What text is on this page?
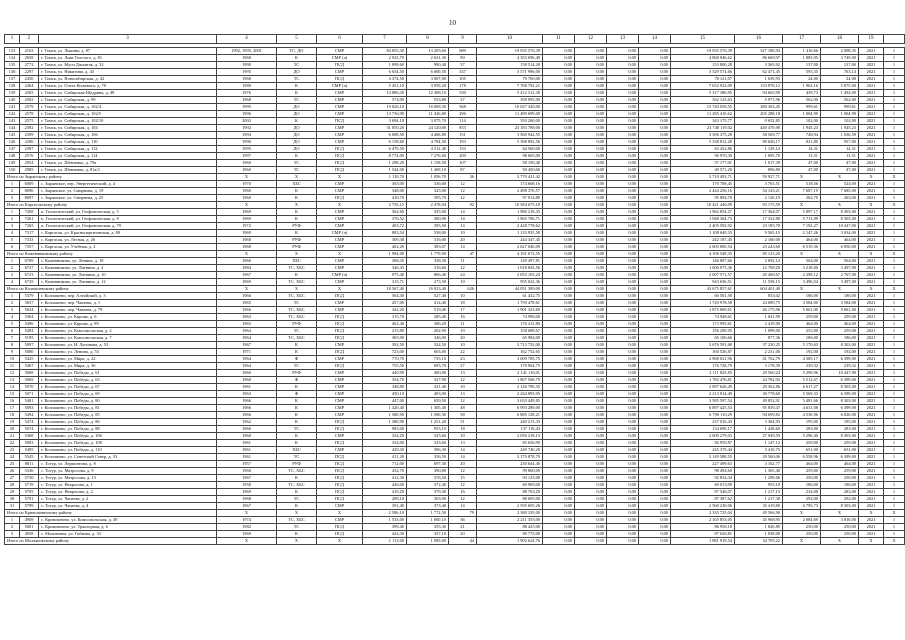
10
1	2	3	4	5	6	7	8	9	10	11	12	13	14	15	16	17	18	19	

133	2163	г. Томск, ул. Лыкина, д. 87	1992, 1995, 2001	ТС, ДО	СМР	84 855,30	13 205,60	689	19 935 576,39	0,00	0,00	0,00	0,00	19 935 576,39	327 180,94	1 416,66	2 008,35	2021	1
134	2658	г. Томск, ул. Льва Толстого, д. 81	1968	К	СМР (ч)	2 923,70	2 631,30	90	4 353 696,49	0,00	0,00	0,00	0,00	4 868 946,62	86 669,97	1 883,95	3 749,00	2021	1
135	2772	г. Томск, ул. Муси Джалиля, д. 32	1990	ТС	ПСД	1 099,60	990,40	57	158 514,20	0,00	0,00	0,00	0,00	153 800,28	3 365,92	137,00	137,00	2021	1
136	2297	г. Томск, ул. Никитина, д. 43	1995	ДО	СМР	6 654,50	6 000,50	337	3 571 996,00	0,00	0,00	0,00	0,00	3 529 574,66	62 471,45	593,35	763,14	2021	1
137	2450	г. Томск, ул. Новосибирская, д. 42	1968	ТС	ПСД	4 374,50	3 907,00	105	79 760,00	0,00	0,00	0,00	0,00	78 121,07	1 639,93	24,00	24,00	2021	1
138	2464	г. Томск, ул. Олега Кошевого, д. 70	1980	К	СМР (ч)	5 451,10	3 959,20	178	7 768 792,21	0,00	0,00	0,00	0,00	7 652 922,09	133 870,12	1 962,16	5 875,00	2021	1
139	2305	г. Томск, ул. Сибирская-Щедрина, д. 48	1976	К	СМР	14 886,30	12 308,10	530	5 412 312,38	0,00	0,00	0,00	0,00	5 317 386,95	94 665,90	439,73	1 492,00	2021	1
140	2582	г. Томск, ул. Сибирская, д. 99	1968	ТС	СМР	574,00	553,80	37	358 095,00	0,00	0,00	0,00	0,00	352 123,63	5 971,96	562,00	562,00	2021	1
141	2579	г. Томск, ул. Сибирская, д. 102/4	1995	ДО	СМР	19 026,10	16 008,30	568	16 027 326,00	0,00	0,00	0,00	0,00	15 740 058,55	280 363,45	999,61	999,61	2021	1
142	2578	г. Томск, ул. Сибирская, д. 102/5	1996	ДО	СМР	13 756,90	11 436,80	296	11 489 699,00	0,00	0,00	0,00	0,00	11 285 410,62	205 288,18	1 004,99	1 004,99	2021	1
143	2575	г. Томск, ул. Сибирская, д. 102/10	2002	К	ПСД	3 694,10	3 075,70	114	350 260,00	0,00	0,00	0,00	0,00	343 175,77	9 652,85	102,00	102,00	2021	1
144	2392	г. Томск, ул. Сибирская, д. 104	1992	ДО	СМР	31 850,20	24 120,00	853	23 183 788,00	0,00	0,00	0,00	0,00	23 748 119,02	440 470,98	1 945,23	1 945,23	2021	1
145	2399	г. Томск, ул. Сибирская, д. 106	1994	ДО	СМР	6 008,50	4 466,80	151	3 560 942,55	0,00	0,00	0,00	0,00	3 506 375,28	58 569,77	748,94	1 036,59	2021	1
146	2286	г. Томск, ул. Сибирская, д. 110	1990	ДО	СМР	6 158,60	4 784,50	193	5 398 892,56	0,00	0,00	0,00	0,00	5 338 812,28	89 636,17	821,80	957,00	2021	1
147	2397	г. Томск, ул. Сибирская, д. 112	1995	ДО	ПСД	6 479,50	4 512,40	153	64 560,00	0,00	0,00	0,00	0,00	63 432,86	1 129,14	14,31	14,31	2021	1
148	2576	г. Томск, ул. Сибирская, д. 114	1997	К	ПСД	8 774,00	7 276,60	209	98 665,00	0,00	0,00	0,00	0,00	96 970,30	1 695,70	13,51	13,51	2021	1
149	2954	г. Томск, ул. Шевченко, д. 79а	1960	ТС	ПСД	1 298,20	1 158,50	107	58 190,40	0,00	0,00	0,00	0,00	57 177,01	1 017,39	47,00	47,00	2021	1
150	2985	г. Томск, ул. Шевченко, д. 81а/2	1960	ТС	ПСД	1 544,00	1 469,10	87	50 450,00	0,00	0,00	0,00	0,00	49 571,20	896,80	47,00	47,00	2021	1
Итого по Зырянскому району			X	X	X	1 110,70	1 056,70	36	2 770 421,42	0,00	0,00	0,00	0,00	2 710 493,71	59 927,71	X	X	X	X
1	6009	с. Зырянское, пер. Энергетический, д. 4	1970	ХБС	СМР	363,00	336,00	12	174 668,16	0,00	0,00	0,00	0,00	170 708,45	3 763,51	518,56	524,00	2021	1
2	8096	с. Зырянское, ул. Смирнова, д. 19	1960	К	СМР	348,00	325,00	12	2 498 376,57	0,00	0,00	0,00	0,00	2 444 256,16	54 143,21	7 687,19	7 685,00	2021	1
3	8097	с. Зырянское, ул. Смирнова, д. 25	1960	К	ПСД	410,70	395,70	12	97 014,89	0,00	0,00	0,00	0,00	95 894,70	2 120,19	262,70	263,00	2021	1
Итого по Каргасокскому району			X	X	X	2 755,15	2 478,04	92	10 584 675,18	0,00	0,00	0,00	0,00	10 421 446,09	93 175,59	X	X	X	X
1	7268	п. Геологический, ул. Геофизическая, д. 5	1969	К	СМР	362,60	335,00	14	1 980 218,35	0,00	0,00	0,00	0,00	1 962 854,27	17 364,07	5 897,17	8 303,00	2021	1
2	7261	п. Геологический, ул. Геофизическая, д. 8	1969	К	СМР	376,52	360,00	14	1 965 706,71	0,00	0,00	0,00	0,00	1 948 364,73	17 332,88	5 713,99	8 303,00	2021	1
3	7265	п. Геологический, ул. Геофизическая, д. 79	1972	РУФ	СМР	403,72	395,50	14	2 428 778,62	0,00	0,00	0,00	0,00	2 405 592,92	23 185,70	7 192,27	10 447,00	2021	1
4	7317	с. Каргасок, ул. Краснопартизанская, д. 80	1969	К	СМР (ч)	883,54	538,00	19	1 133 935,58	0,00	0,00	0,00	0,00	1 108 640,33	9 565,15	2 147,26	3 034,00	2021	1
5	7333	с. Каргасок, ул. Лесная, д. 26	1968	РУФ	СМР	309,38	316,00	20	244 347,45	0,00	0,00	0,00	0,00	242 187,45	2 160,00	464,00	464,00	2021	1
6	7357	с. Каргасок, ул. Учебная, д. 2	1968	РУФ	СМР	402,29	383,07	14	2 627 046,09	0,00	0,00	0,00	0,00	2 603 800,54	23 243,60	6 519,36	6 850,00	2021	1
Итого по Кожевниковскому району			X	X	X	1 984,00	1 779,00	47	4 191 672,55	0,00	0,00	0,00	0,00	4 106 549,35	85 123,20	X	X	X	X
1	6709	с. Кожевниково, ул. Ленина, д. 18	1966	ХБС	СМР	368,35	338,30	11	149 497,81	0,00	0,00	0,00	0,00	146 807,66	2 692,14	564,00	564,00	2021	1
2	6727	с. Кожевниково, ул. Литвина, д. 4	1984	ТС, ХБС	СМР	346,43	316,60	12	1 018 843,56	0,00	0,00	0,00	0,00	1 006 075,36	12 768,20	3 218,00	3 497,00	2021	1
3	6723	с. Кожевниково, ул. Литвина, д. 10	1967	К	СМР (ч)	975,40	866,40	24	2 053 103,24	0,00	0,00	0,00	0,00	2 007 571,57	45 469,67	2 298,12	2 767,00	2021	1
4	6735	с. Кожевниково, ул. Литвина, д. 12	1969	ТС, ХБС	СМР	315,71	273,50	10	955 632,36	0,00	0,00	0,00	0,00	943 636,51	11 558,15	3 496,54	3 497,00	2021	1
Итого по Колпашевскому району			X	X	X	18 567,40	16 823,40	626	44 051 389,00	0,00	0,00	0,00	0,00	43 675 857,61	604 401,40	X	X	X	X
1	5379	г. Колпашево, пер. Алтайский, д. 3	1966	ТС, ХБС	ПСД	564,30	527,40	10	61 432,75	0,00	0,00	0,00	0,00	60 561,58	833,02	186,00	186,00	2021	1
2	5837	г. Колпашево, пер. Чапаева, д. 1	1965	ТС	СМР	457,00	414,40	18	1 759 478,61	0,00	0,00	0,00	0,00	1 729 978,58	24 089,75	3 584,00	3 584,00	2021	1
3	5634	г. Колпашево, пер. Чапаева, д. 79	1966	ТС, ХБС	СМР	342,20	519,40	17	1 901 323,69	0,00	0,00	0,00	0,00	1 875 069,61	26 175,96	5 661,00	5 661,00	2021	1
4	5364	г. Колпашево, ул. Кирова, д. 6	1963	ТС, ХБС	ПСД	315,70	285,40	16	74 996,00	0,00	0,00	0,00	0,00	74 948,61	1 041,99	259,00	259,00	2021	1
5	5496	г. Колпашево, ул. Кирова, д. 89	1965	РУФ	ПСД	402,40	386,20	11	176 412,80	0,00	0,00	0,00	0,00	173 995,61	2 419,00	464,00	464,00	2021	1
6	5494	г. Колпашево, ул. Комсомольская, д. 2	1964	ТС	ПСД	215,80	202,90	19	158 689,67	0,00	0,00	0,00	0,00	156 290,95	1 899,00	255,00	259,00	2021	1
7	5195	г. Колпашево, ул. Комсомольская, д. 7	1964	ТС, ХБС	ПСД	365,90	346,00	20	65 984,00	0,00	0,00	0,00	0,00	65 106,66	877,36	186,00	186,00	2021	1
8	5097	г. Колпашево, ул. Н. Лугинова, д. 53	1967	К	СМР	392,50	324,50	10	2 713 752,00	0,00	0,00	0,00	0,00	2 676 591,68	37 230,25	5 170,63	8 303,00	2021	1
9	5080	г. Колпашево, ул. Ленина, д. 53	1971	К	ПСД	723,00	603,00	22	162 752,65	0,00	0,00	0,00	0,00	160 526,87	2 231,00	192,00	192,00	2021	1
10	5425	г. Колпашево, ул. Мира, д. 22	1964	Ф	СМР	770,70	735,10	23	3 009 785,75	0,00	0,00	0,00	0,00	2 968 021,96	41 762,79	4 385,17	6 399,00	2021	1
11	5467	г. Колпашево, ул. Мира, д. 36	1964	ТС	ПСД	755,50	695,70	27	179 964,75	0,00	0,00	0,00	0,00	176 728,79	3 178,39	239,32	239,32	2021	1
12	5068	г. Колпашево, ул. Победы, д. 61	1960	РУФ	СМР	440,90	400,00	13	2 141 116,01	0,00	0,00	0,00	0,00	2 111 825,83	29 560,24	5 299,96	10 447,00	2021	1
13	5069	г. Колпашево, ул. Победы, д. 63	1960	Ф	СМР	354,70	327,90	12	1 807 568,79	0,00	0,00	0,00	0,00	1 782 476,81	24 782,92	5 512,67	6 399,00	2021	1
14	5070	г. Колпашево, ул. Победы, д. 67	1961	К	СМР	348,80	321,40	10	2 126 789,35	0,00	0,00	0,00	0,00	2 097 626,49	29 362,86	6 617,27	8 303,00	2021	1
15	5071	г. Колпашево, ул. Победы, д. 69	1963	Ф	СМР	450,10	403,00	13	2 244 893,95	0,00	0,00	0,00	0,00	2 213 814,49	30 778,60	5 569,33	6 399,00	2021	1
16	5401	г. Колпашево, ул. Победы, д. 80	1966	К	СМР	447,00	659,50	12	3 633 449,85	0,00	0,00	0,00	0,00	3 585 597,54	49 852,91	5 481,66	8 303,00	2021	1
17	5093	г. Колпашево, ул. Победы, д. 81	1966	К	СМР	1 420,40	1 305,40	48	6 993 289,00	0,00	0,00	0,00	0,00	6 897 425,53	95 839,47	4 631,08	6 399,00	2021	1
18	5494	г. Колпашево, ул. Победы, д. 85	1966	К	СМР	1 580,90	1 500,30	58	6 885 128,21	0,00	0,00	0,00	0,00	6 790 110,29	94 699,82	4 536,96	6 826,00	2021	1
19	5474	г. Колпашево, ул. Победы, д. 86	1962	К	ПСД	1 380,90	1 251,20	51	240 213,33	0,00	0,00	0,00	0,00	237 016,43	3 304,93	195,00	195,00	2021	1
20	5074	г. Колпашево, ул. Победы, д. 88	1966	ТС	ПСД	983,00	953,10	18	137 118,43	0,00	0,00	0,00	0,00	134 690,17	1 428,69	283,00	283,00	2021	1
21	5368	г. Колпашево, ул. Победы, д. 106	1960	К	СМР	334,20	325,60	10	2 050 218,13	0,00	0,00	0,00	0,00	2 009 279,03	27 949,59	5 296,40	8 303,00	2021	1
22	5083	г. Колпашево, ул. Победы, д. 108	1961	К	ПСД	334,00	323,60	13	83 656,99	0,00	0,00	0,00	0,00	82 959,87	1 147,12	259,00	259,00	2021	1
23	5495	г. Колпашево, ул. Победы, д. 110	1961	ХБС	СМР	429,30	396,30	14	249 740,20	0,00	0,00	0,00	0,00	245 379,44	3 410,75	651,00	651,00	2021	1
24	5545	г. Колпашево, ул. Советский Север, д. 53	1961	ТС	ПСД	411,20	356,50	14	2 179 878,79	0,00	0,00	0,00	0,00	2 149 588,55	29 560,06	6 558,96	6 399,00	2021	1
25	8811	с. Тогур, ул. Лермонтова, д. 8	1957	РУФ	ПСД	712,00	697,30	20	230 644,40	0,00	0,00	0,00	0,00	227 499,63	3 162,77	464,00	464,00	2021	1
26	5336	с. Тогур, ул. Матросова, д. 9	1960	ТС, ХБС	ПСД	432,70	390,80	12	99 860,00	0,00	0,00	0,00	0,00	98 494,60	1 365,40	259,00	259,00	2021	1
27	5730	с. Тогур, ул. Матросова, д. 13	1967	К	ПСД	412,30	376,50	15	94 125,00	0,00	0,00	0,00	0,00	92 834,34	1 290,66	250,00	250,00	2021	1
28	5719	с. Тогур, ул. Некрасова, д. 1	1958	ТС, ХБС	ПСД	426,00	372,40	12	69 969,00	0,00	0,00	0,00	0,00	69 013,90	955,10	186,00	186,00	2021	1
29	5795	с. Тогур, ул. Некрасова, д. 2	1969	К	ПСД	419,20	379,30	16	88 763,20	0,00	0,00	0,00	0,00	87 546,07	1 217,13	234,08	283,00	2021	1
30	5791	с. Тогур, ул. Чапаева, д. 2	1968	ТС	ПСД	299,10	303,90	12	88 695,00	0,00	0,00	0,00	0,00	87 387,62	1 217,38	292,00	292,00	2021	1
31	5799	с. Тогур, ул. Чапаева, д. 4	1967	К	СМР	391,40	373,40	14	2 595 605,26	0,00	0,00	0,00	0,00	2 560 230,06	35 419,80	6 795,73	8 303,00	2021	1
Итого по Кривошеинскому району			X	X	X	2 586,10	1 772,50	79	2 380 335,00	0,00	0,00	0,00	0,00	2 335 725,04	49 566,90	X	X	X	X
1	4908	с. Кривошеино, ул. Комсомольская, д. 49	1974	ТС, ХБС	СМР	1 533,00	1 060,10	36	2 211 355,00	0,00	0,00	0,00	0,00	2 165 853,05	45 968,95	2 084,69	3 816,00	2021	1
2	5001	с. Кривошеино, ул. Тракторная, д. 6	1982	ТС	ПСД	399,40	355,30	21	88 425,00	0,00	0,00	0,00	0,00	86 958,18	1 826,89	250,00	250,00	2021	1
3	4958	с. Малиновка, ул. Гибкова, д. 33	1969	К	ПСД	424,30	357,10	20	89 775,00	0,00	0,00	0,00	0,00	87 626,81	1 838,00	250,00	250,00	2021	1
Итого по Молчановскому району			X	X	X	1 113,00	1 085,00	44	1 902 624,76	0,00	0,00	0,00	0,00	1 881 919,54	34 705,22	X	X	X	X
